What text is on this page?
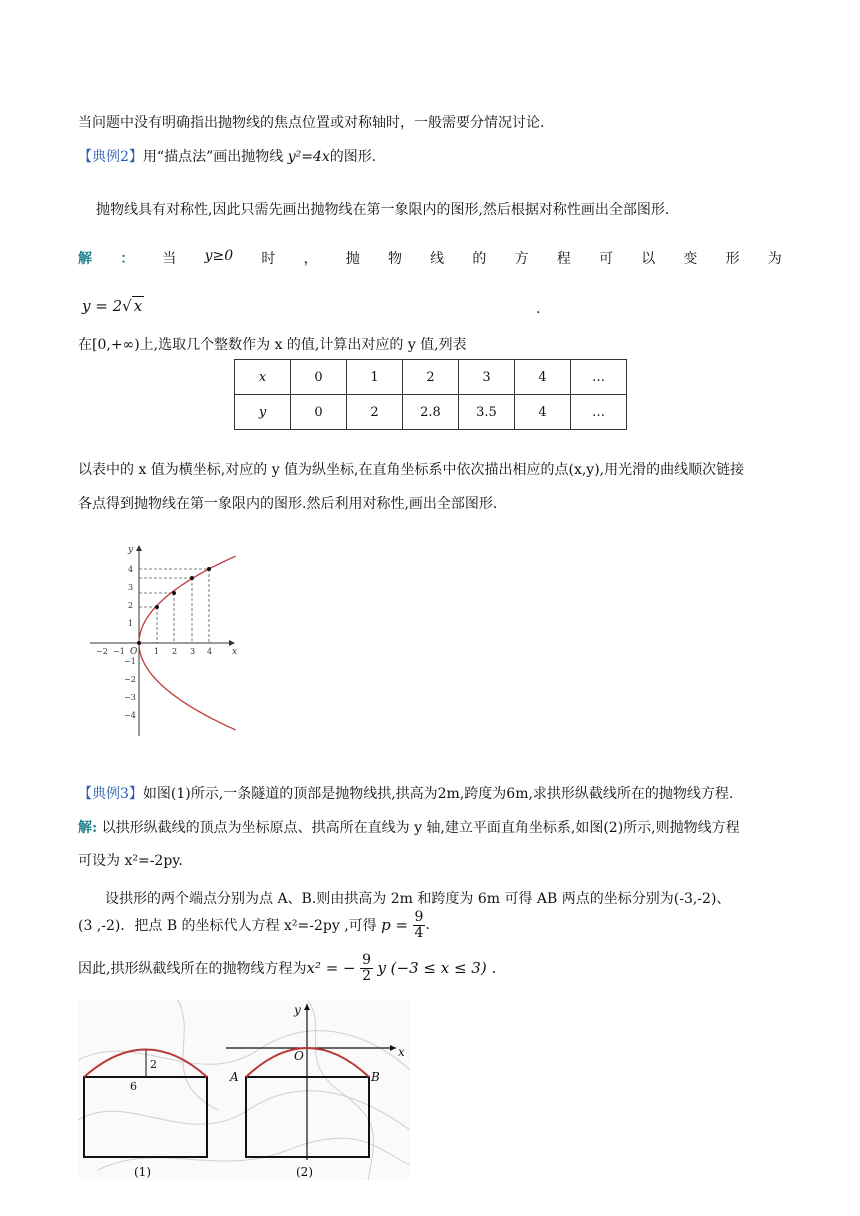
当问题中没有明确指出抛物线的焦点位置或对称轴时，一般需要分情况讨论.
【典例2】用“描点法”画出抛物线 y²=4x的图形.
抛物线具有对称性,因此只需先画出抛物线在第一象限内的图形,然后根据对称性画出全部图形.
解 ： 当 y≥0 时 ， 抛 物 线 的 方 程 可 以 变 形 为
y = 2√ x	.
在[0,+∞)上,选取几个整数作为 x 的值,计算出对应的 y 值,列表
x	0	1	2	3	4	…
y	0	2	2.8	3.5	4	…
以表中的 x 值为横坐标,对应的 y 值为纵坐标,在直角坐标系中依次描出相应的点(x,y),用光滑的曲线顺次链接
各点得到抛物线在第一象限内的图形.然后利用对称性,画出全部图形.
x
y
O
−2 −1	1 2 3 4
4
3
2
1
−1
−2
−3
−4
【典例3】如图(1)所示,一条隧道的顶部是抛物线拱,拱高为2m,跨度为6m,求拱形纵截线所在的抛物线方程.
解: 以拱形纵截线的顶点为坐标原点、拱高所在直线为 y 轴,建立平面直角坐标系,如图(2)所示,则抛物线方程
可设为 x²=-2py.
设拱形的两个端点分别为点 A、B.则由拱高为 2m 和跨度为 6m 可得 AB 两点的坐标分别为(-3,-2)、
(3 ,-2)．把点 B 的坐标代人方程 x²=-2py ,可得 $p = \frac{9}{4}$ .
因此,拱形纵截线所在的抛物线方程为x² = − $\frac{9}{2}$ y (−3 ≤ x ≤ 3) .
2
6
(1)
x
y
O
A	B
(2)
